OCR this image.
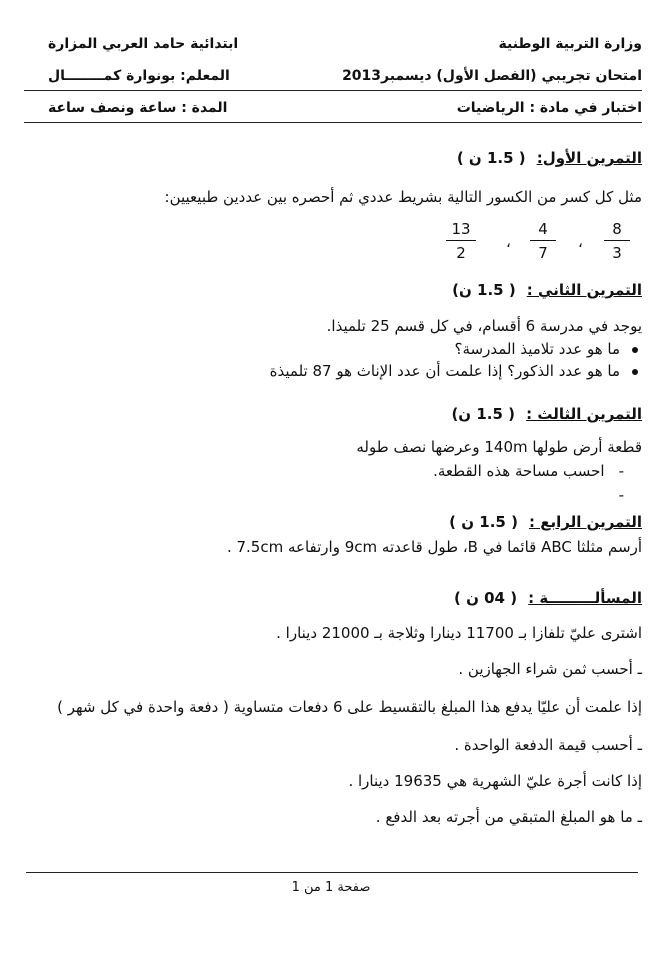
وزارة التربية الوطنية
ابتدائية حامد العربي المزارة
امتحان تجريبي (الفصل الأول) ديسمبر2013
المعلم: بونوارة كمــــــــال
اختبار في مادة : الرياضيات
المدة : ساعة ونصف ساعة
التمرين الأول: ( 1.5 ن )
مثل كل كسر من الكسور التالية بشريط عددي ثم أحصره بين عددين طبيعيين:
$\frac{8}{3}$
،
$\frac{4}{7}$
،
$\frac{13}{2}$
التمرين الثاني : ( 1.5 ن)
يوجد في مدرسة 6 أقسام، في كل قسم 25 تلميذا.
ما هو عدد تلاميذ المدرسة؟
ما هو عدد الذكور؟ إذا علمت أن عدد الإناث هو 87 تلميذة
التمرين الثالث : ( 1.5 ن)
قطعة أرض طولها 140m وعرضها نصف طوله
-احسب مساحة هذه القطعة.
-
التمرين الرابع : ( 1.5 ن )
أرسم مثلثا ABC قائما في B، طول قاعدته 9cm وارتفاعه 7.5cm .
المسألـــــــــة : ( 04 ن )
اشترى عليّ تلفازا بـ 11700 دينارا وثلاجة بـ 21000 دينارا .
ـ أحسب ثمن شراء الجهازين .
إذا علمت أن عليّا يدفع هذا المبلغ بالتقسيط على 6 دفعات متساوية ( دفعة واحدة في كل شهر )
ـ أحسب قيمة الدفعة الواحدة .
إذا كانت أجرة عليّ الشهرية هي 19635 دينارا .
ـ ما هو المبلغ المتبقي من أجرته بعد الدفع .
صفحة 1 من 1
